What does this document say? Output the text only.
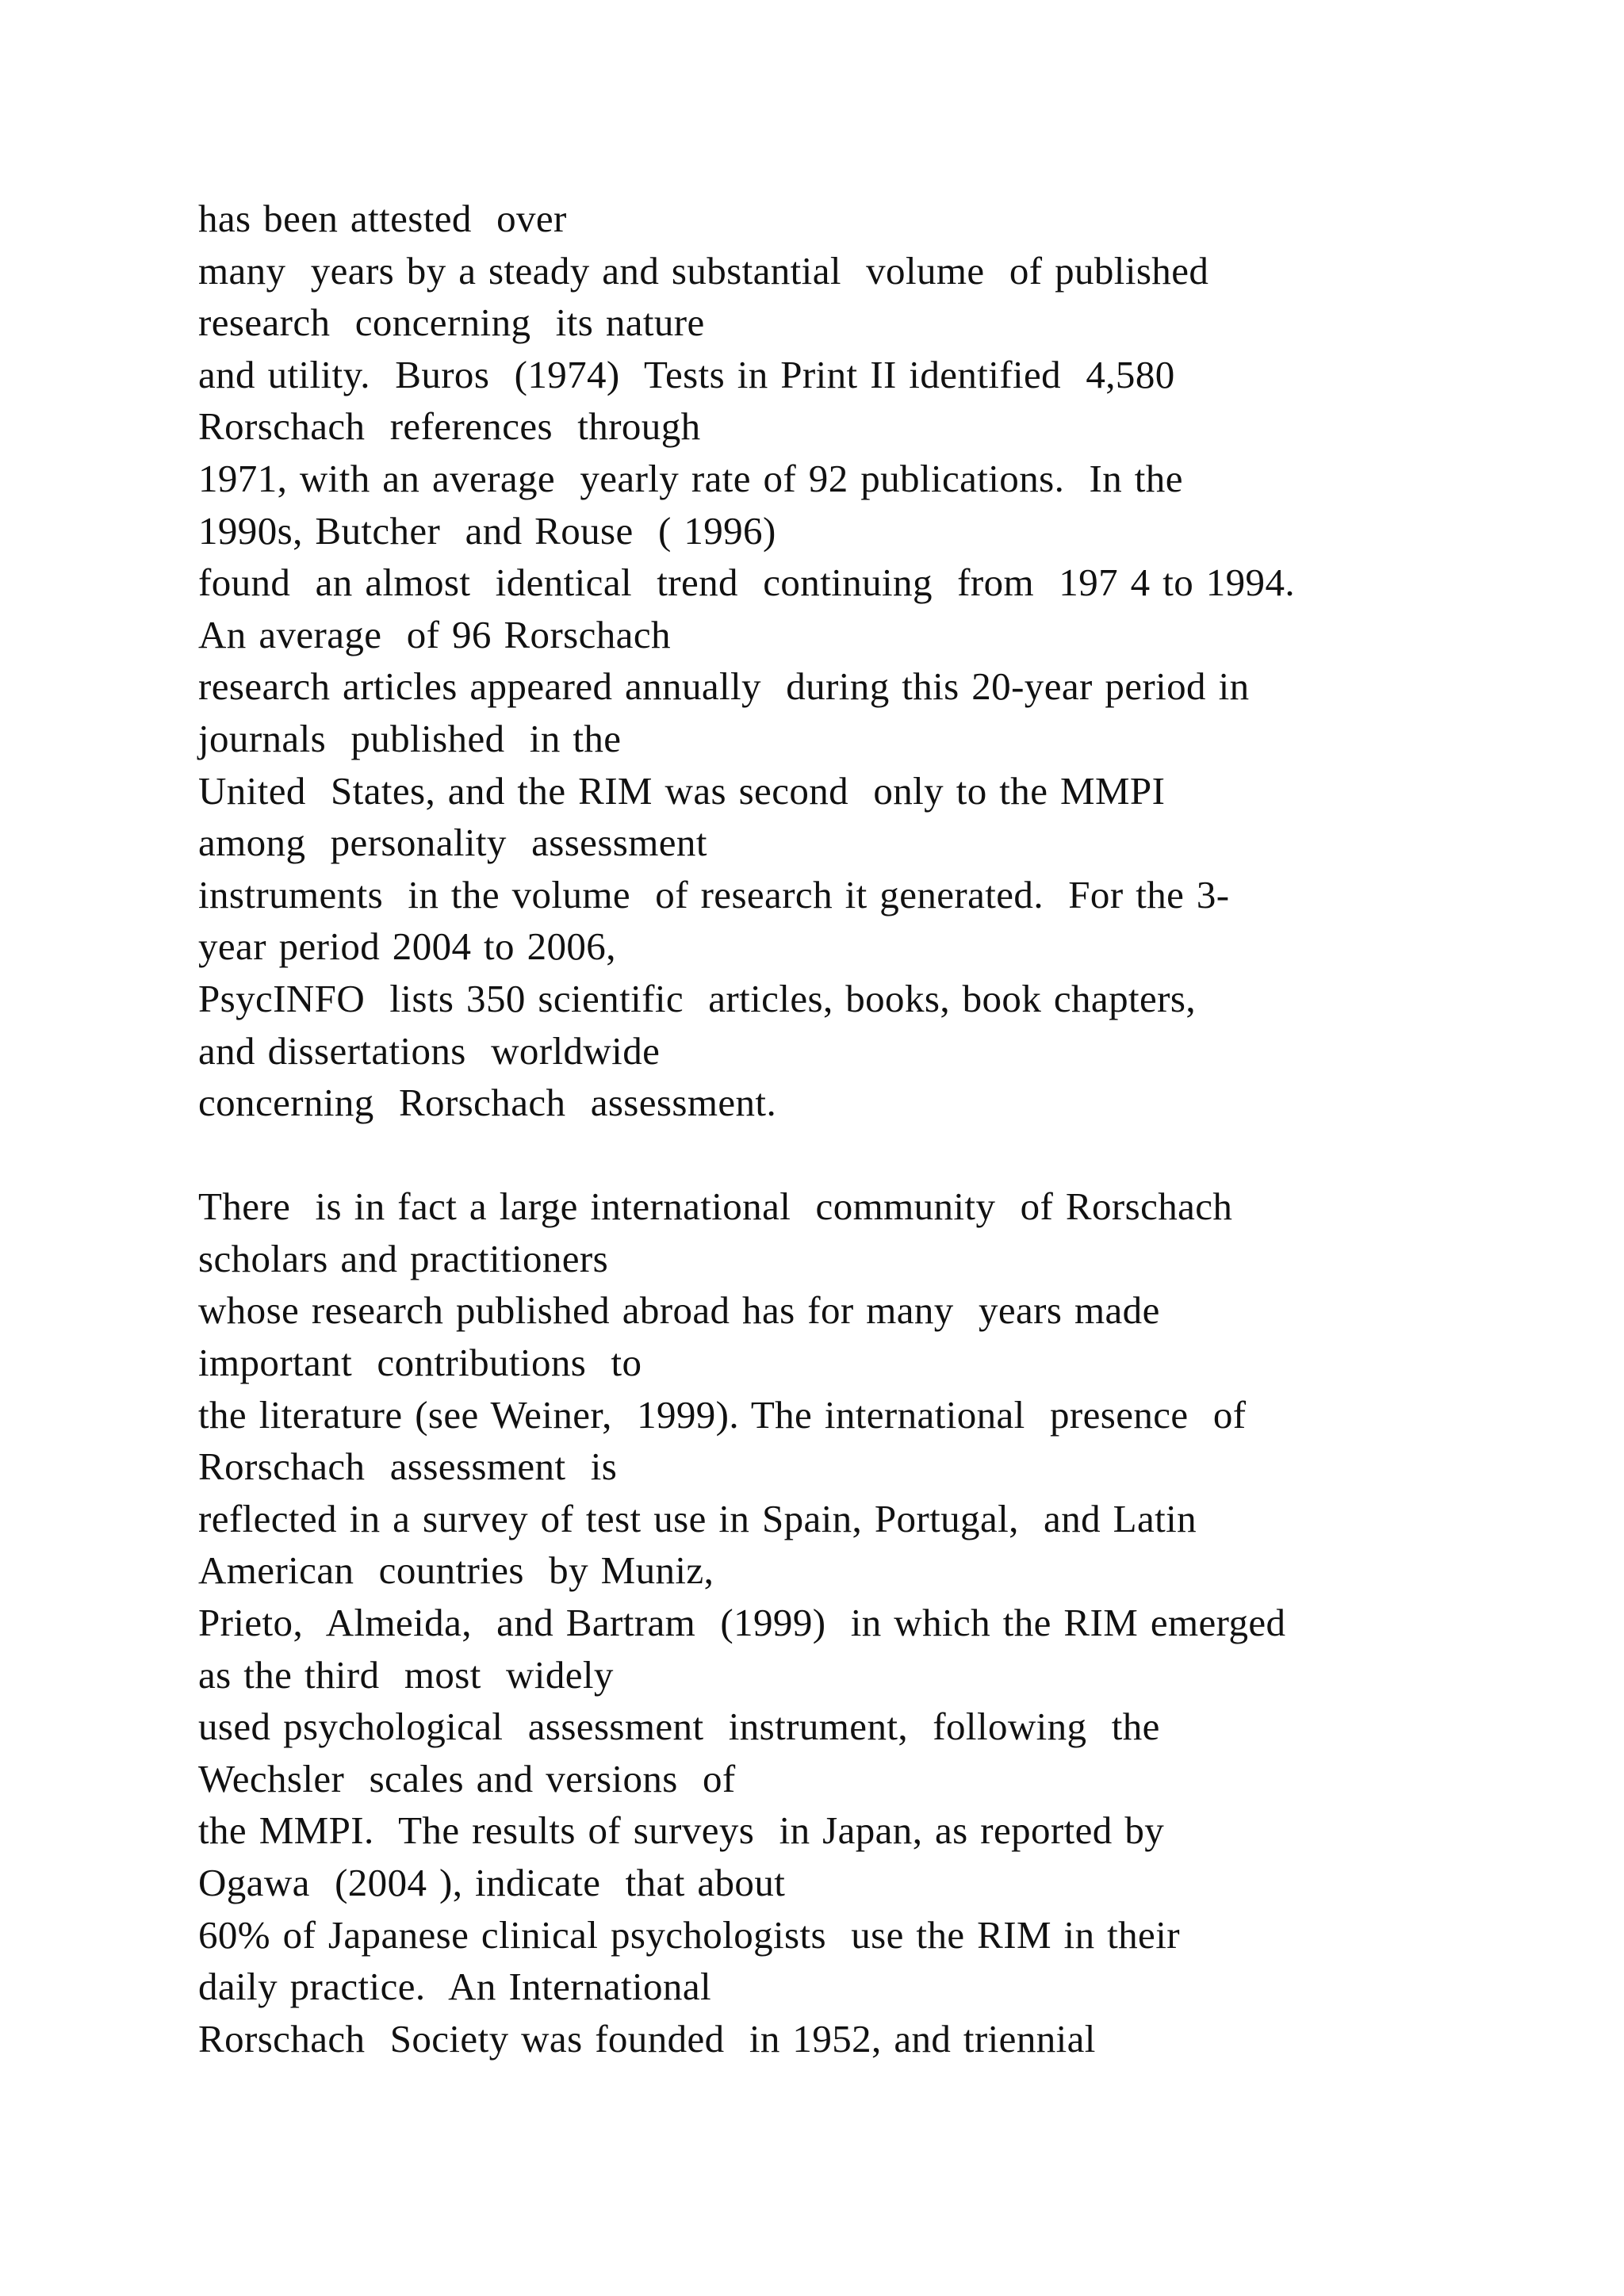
has been attested  over
many  years by a steady and substantial  volume  of published
research  concerning  its nature
and utility.  Buros  (1974)  Tests in Print II identified  4,580
Rorschach  references  through
1971, with an average  yearly rate of 92 publications.  In the
1990s, Butcher  and Rouse  ( 1996)
found  an almost  identical  trend  continuing  from  197 4 to 1994.
An average  of 96 Rorschach
research articles appeared annually  during this 20-year period in
journals  published  in the
United  States, and the RIM was second  only to the MMPI
among  personality  assessment
instruments  in the volume  of research it generated.  For the 3-
year period 2004 to 2006,
PsycINFO  lists 350 scientific  articles, books, book chapters,
and dissertations  worldwide
concerning  Rorschach  assessment.
There  is in fact a large international  community  of Rorschach
scholars and practitioners
whose research published abroad has for many  years made
important  contributions  to
the literature (see Weiner,  1999). The international  presence  of
Rorschach  assessment  is
reflected in a survey of test use in Spain, Portugal,  and Latin
American  countries  by Muniz,
Prieto,  Almeida,  and Bartram  (1999)  in which the RIM emerged
as the third  most  widely
used psychological  assessment  instrument,  following  the
Wechsler  scales and versions  of
the MMPI.  The results of surveys  in Japan, as reported by
Ogawa  (2004 ), indicate  that about
60% of Japanese clinical psychologists  use the RIM in their
daily practice.  An International
Rorschach  Society was founded  in 1952, and triennial
